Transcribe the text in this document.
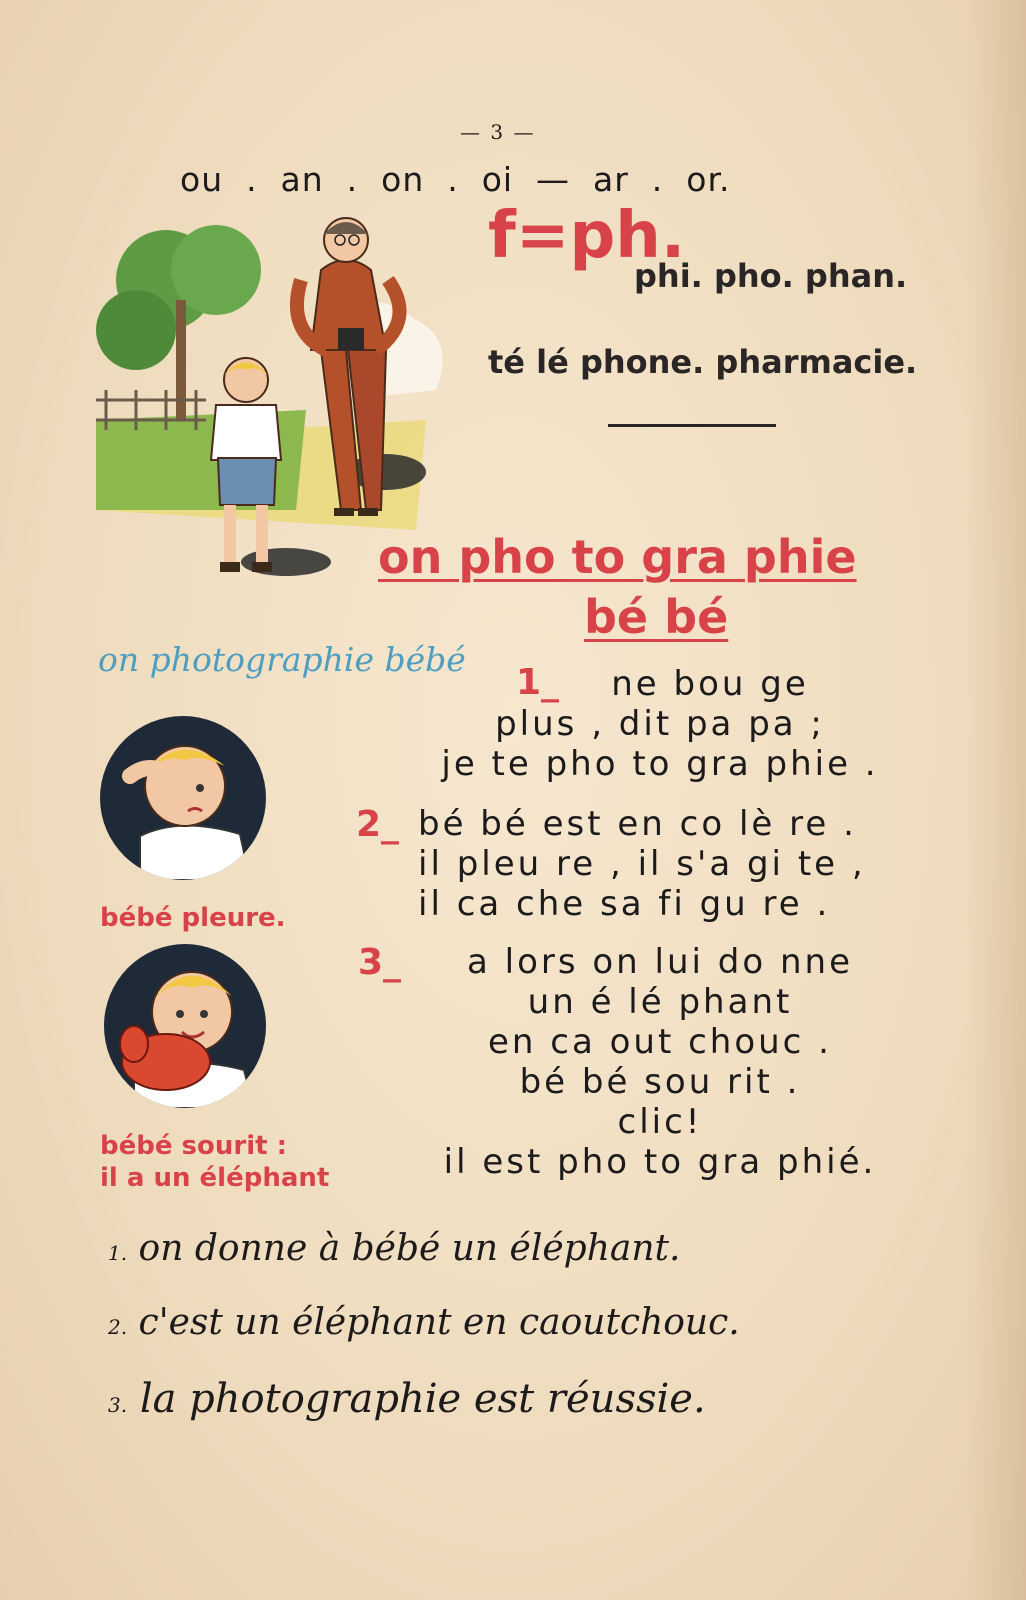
— 3 —
ou  .  an  .  on  .  oi  —  ar  .  or.
f=ph.
phi. pho. phan.
té lé phone. pharmacie.
on pho to gra phie
bé bé
on photographie bébé
1_	ne bou ge
plus , dit pa pa ;
je te pho to gra phie .
2_ bé bé est en co lè re .
il pleu re , il s'a gi te ,
il ca che sa fi gu re .
3_	a lors on lui do nne
un é lé phant
en ca out chouc .
bé bé sou rit .
clic!
il est pho to gra phié.
bébé pleure.
bébé sourit :
il a un éléphant
1. on donne à bébé un éléphant.
2. c'est un éléphant en caoutchouc.
3. la photographie est réussie.
